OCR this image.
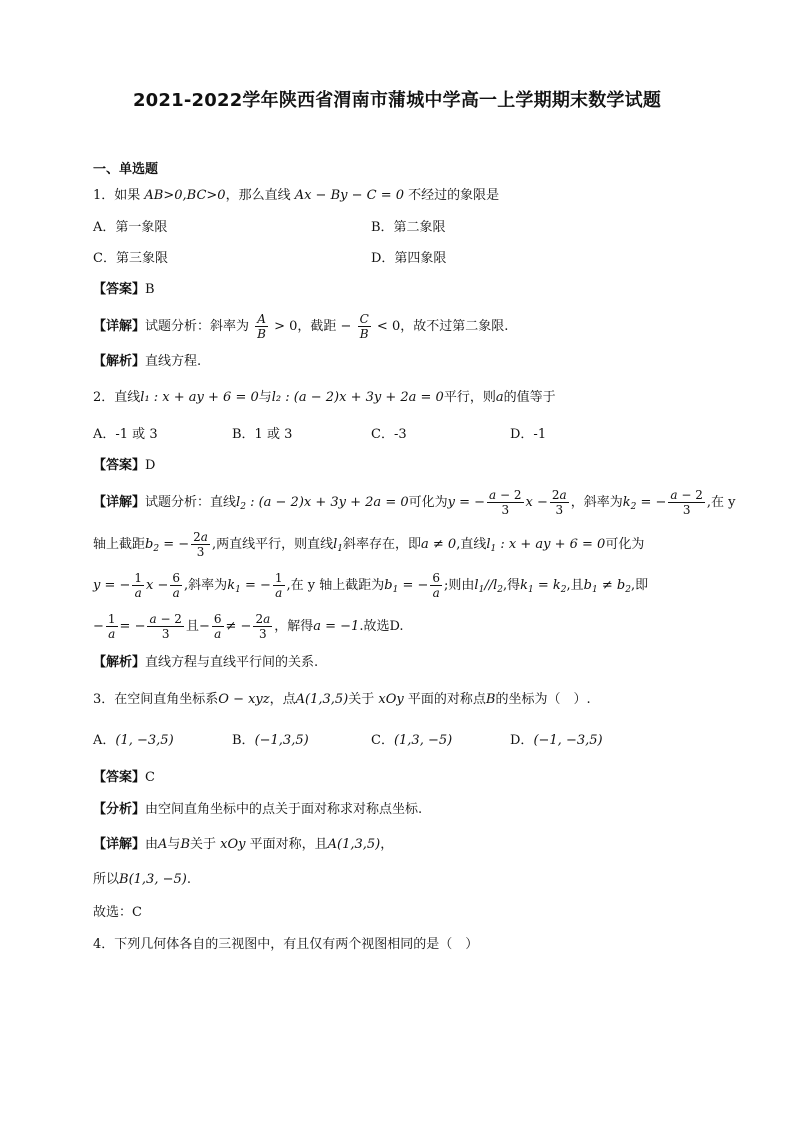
2021-2022学年陕西省渭南市蒲城中学高一上学期期末数学试题
一、单选题
1．如果 AB>0,BC>0，那么直线 Ax − By − C = 0 不经过的象限是
A．第一象限	B．第二象限
C．第三象限	D．第四象限
【答案】B
【详解】试题分析：斜率为 $\frac{A}{B} > 0$，截距 − $\frac{C}{B} < 0$，故不过第二象限.
【解析】直线方程.
2．直线l₁ : x + ay + 6 = 0与l₂ : (a − 2)x + 3y + 2a = 0平行，则a的值等于
A．-1 或 3	B．1 或 3	C．-3	D．-1
【答案】D
【详解】试题分析：直线$l_2$ : (a − 2)x + 3y + 2a = 0可化为y = − $\frac{a - 2}{3}$ $x - \frac{2a}{3}$ ，斜率为$k_2$ = − $\frac{a - 2}{3}$ ,在 y
轴上截距$b_2$ = − $\frac{2a}{3}$ ,两直线平行，则直线$l_1$斜率存在，即a ≠ 0,直线$l_1$ : x + ay + 6 = 0可化为
y = − $\frac{1}{a}$ $x - \frac{6}{a}$ ,斜率为$k_1$ = − $\frac{1}{a}$ ,在 y 轴上截距为$b_1$ = − $\frac{6}{a}$ ;则由$l_1//l_2$,得$k_1 = k_2$,且$b_1 \ne b_2$,即
− $\frac{1}{a}$ = − $\frac{a - 2}{3}$ 且− $\frac{6}{a}$ ≠ − $\frac{2a}{3}$ ，解得a = −1.故选D.
【解析】直线方程与直线平行间的关系.
3．在空间直角坐标系O − xyz，点A(1,3,5)关于 xOy 平面的对称点B的坐标为（　）.
A．(1, −3,5)	B．(−1,3,5)	C．(1,3, −5)	D．(−1, −3,5)
【答案】C
【分析】由空间直角坐标中的点关于面对称求对称点坐标.
【详解】由A与B关于 xOy 平面对称，且A(1,3,5)，
所以B(1,3, −5).
故选：C
4．下列几何体各自的三视图中，有且仅有两个视图相同的是（　）
